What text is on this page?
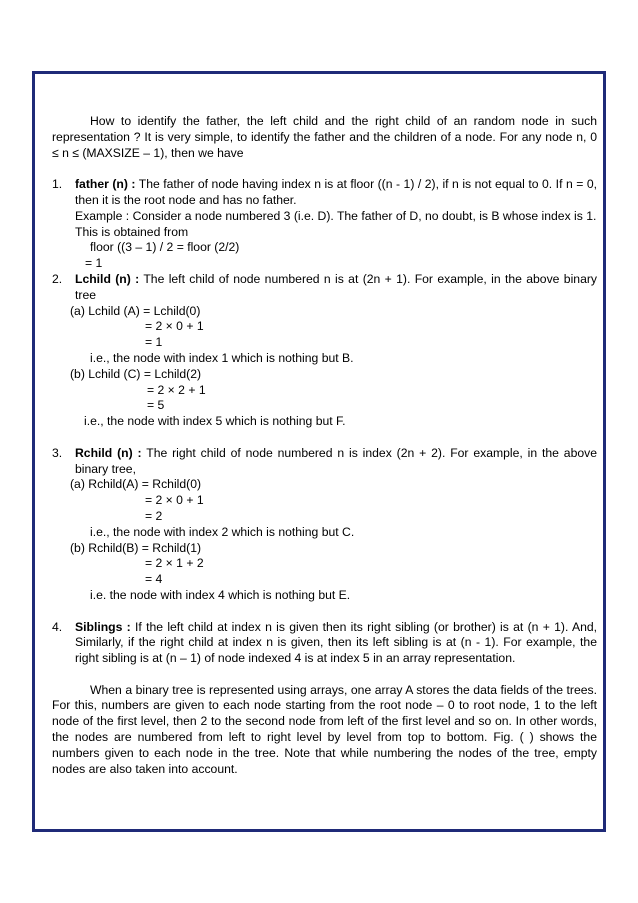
How to identify the father, the left child and the right child of an random node in such representation ? It is very simple, to identify the father and the children of a node. For any node n, 0 ≤ n ≤ (MAXSIZE – 1), then we have

1. father (n) : The father of node having index n is at floor ((n - 1) / 2), if n is not equal to 0. If n = 0, then it is the root node and has no father.

Example : Consider a node numbered 3 (i.e. D). The father of D, no doubt, is B whose index is 1.

This is obtained from

floor ((3 – 1) / 2 = floor (2/2)

= 1

2. Lchild (n) : The left child of node numbered n is at (2n + 1). For example, in the above binary tree

(a) Lchild (A) = Lchild(0)

= 2 × 0 + 1

= 1

i.e., the node with index 1 which is nothing but B.

(b) Lchild (C) = Lchild(2)

= 2 × 2 + 1

= 5

i.e., the node with index 5 which is nothing but F.

3. Rchild (n) : The right child of node numbered n is index (2n + 2). For example, in the above binary tree,

(a) Rchild(A) = Rchild(0)

= 2 × 0 + 1

= 2

i.e., the node with index 2 which is nothing but C.

(b) Rchild(B) = Rchild(1)

= 2 × 1 + 2

= 4

i.e. the node with index 4 which is nothing but E.

4. Siblings : If the left child at index n is given then its right sibling (or brother) is at (n + 1). And, Similarly, if the right child at index n is given, then its left sibling is at (n - 1). For example, the right sibling is at (n – 1) of node indexed 4 is at index 5 in an array representation.

When a binary tree is represented using arrays, one array A stores the data fields of the trees. For this, numbers are given to each node starting from the root node – 0 to root node, 1 to the left node of the first level, then 2 to the second node from left of the first level and so on. In other words, the nodes are numbered from left to right level by level from top to bottom. Fig. ( ) shows the numbers given to each node in the tree. Note that while numbering the nodes of the tree, empty nodes are also taken into account.
